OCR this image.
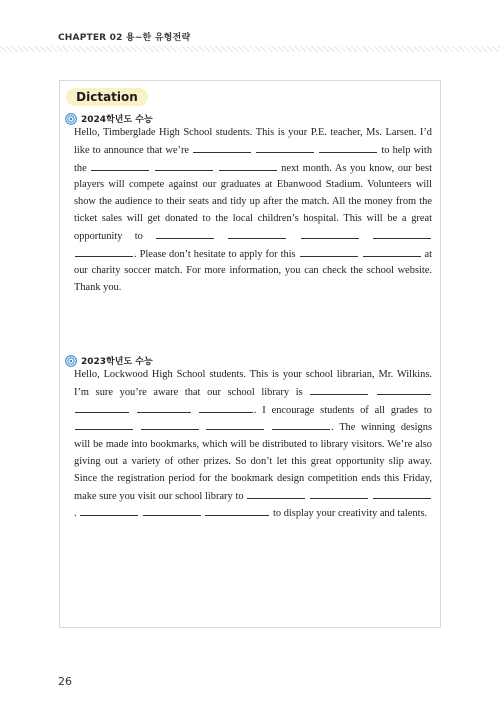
CHAPTER 02 용~한 유형전략
Dictation
2024학년도 수능
Hello, Timberglade High School students. This is your P.E. teacher, Ms. Larsen. I’d like to announce that we’re	to help with the	next month. As you know, our best players will compete against our graduates at Ebanwood Stadium. Volunteers will show the audience to their seats and tidy up after the match. All the money from the ticket sales will get donated to the local children’s hospital. This will be a great opportunity to     . Please don’t hesitate to apply for this	at our charity soccer match. For more information, you can check the school website. Thank you.
2023학년도 수능
Hello, Lockwood High School students. This is your school librarian, Mr. Wilkins. I’m sure you’re aware that our school library is     . I encourage students of all grades to    . The winning designs will be made into bookmarks, which will be distributed to library visitors. We’re also giving out a variety of other prizes. So don’t let this great opportunity slip away. Since the registration period for the bookmark design competition ends this Friday, make sure you visit our school library to   .	to display your creativity and talents.
26
